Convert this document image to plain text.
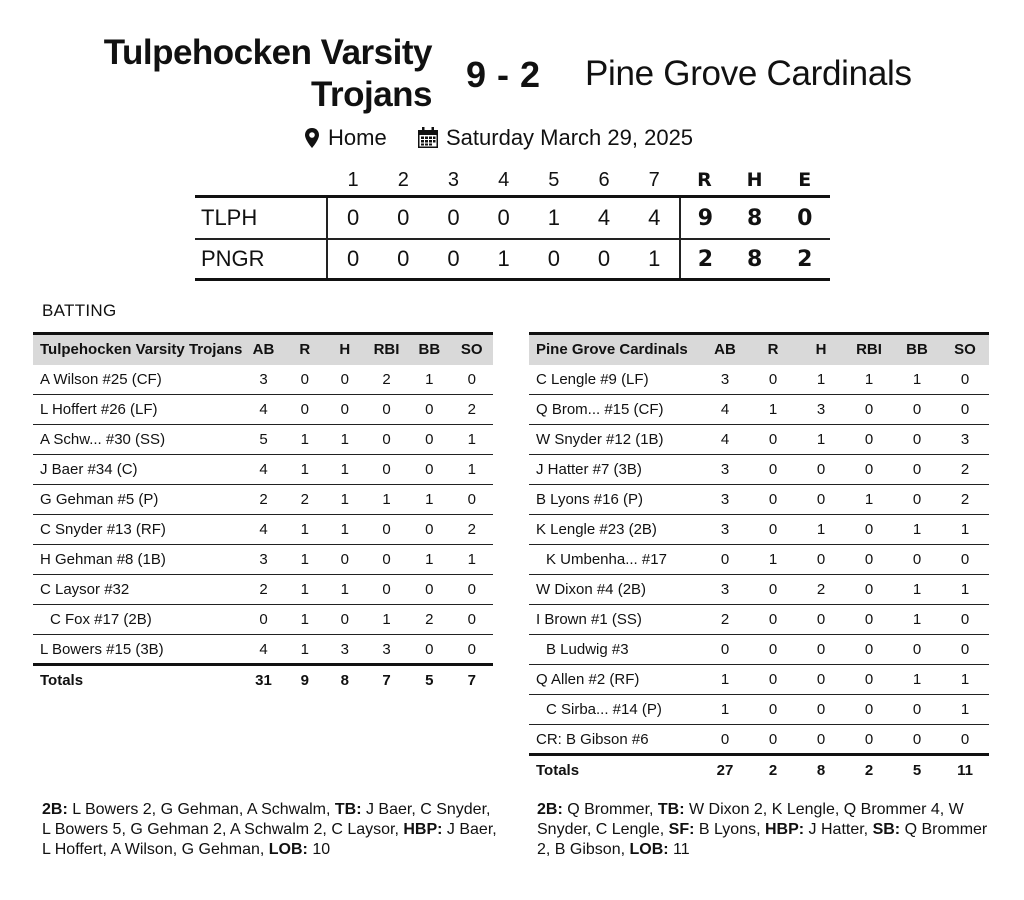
Tulpehocken Varsity
Trojans 9 - 2 Pine Grove Cardinals
Home	Saturday March 29, 2025
1	2	3	4	5	6	7	R	H	E
TLPH	0	0	0	0	1	4	4	9	8	0
PNGR	0	0	0	1	0	0	1	2	8	2
BATTING
Tulpehocken Varsity Trojans	AB	R	H	RBI	BB	SO
A Wilson #25 (CF)	3	0	0	2	1	0
L Hoffert #26 (LF)	4	0	0	0	0	2
A Schw... #30 (SS)	5	1	1	0	0	1
J Baer #34 (C)	4	1	1	0	0	1
G Gehman #5 (P)	2	2	1	1	1	0
C Snyder #13 (RF)	4	1	1	0	0	2
H Gehman #8 (1B)	3	1	0	0	1	1
C Laysor #32	2	1	1	0	0	0
C Fox #17 (2B)	0	1	0	1	2	0
L Bowers #15 (3B)	4	1	3	3	0	0
Totals	31	9	8	7	5	7
Pine Grove Cardinals	AB	R	H	RBI	BB	SO
C Lengle #9 (LF)	3	0	1	1	1	0
Q Brom... #15 (CF)	4	1	3	0	0	0
W Snyder #12 (1B)	4	0	1	0	0	3
J Hatter #7 (3B)	3	0	0	0	0	2
B Lyons #16 (P)	3	0	0	1	0	2
K Lengle #23 (2B)	3	0	1	0	1	1
K Umbenha... #17	0	1	0	0	0	0
W Dixon #4 (2B)	3	0	2	0	1	1
I Brown #1 (SS)	2	0	0	0	1	0
B Ludwig #3	0	0	0	0	0	0
Q Allen #2 (RF)	1	0	0	0	1	1
C Sirba... #14 (P)	1	0	0	0	0	1
CR: B Gibson #6	0	0	0	0	0	0
Totals	27	2	8	2	5	11
2B: L Bowers 2, G Gehman, A Schwalm, TB: J Baer, C Snyder, L Bowers 5, G Gehman 2, A Schwalm 2, C Laysor, HBP: J Baer, L Hoffert, A Wilson, G Gehman, LOB: 10
2B: Q Brommer, TB: W Dixon 2, K Lengle, Q Brommer 4, W Snyder, C Lengle, SF: B Lyons, HBP: J Hatter, SB: Q Brommer 2, B Gibson, LOB: 11
